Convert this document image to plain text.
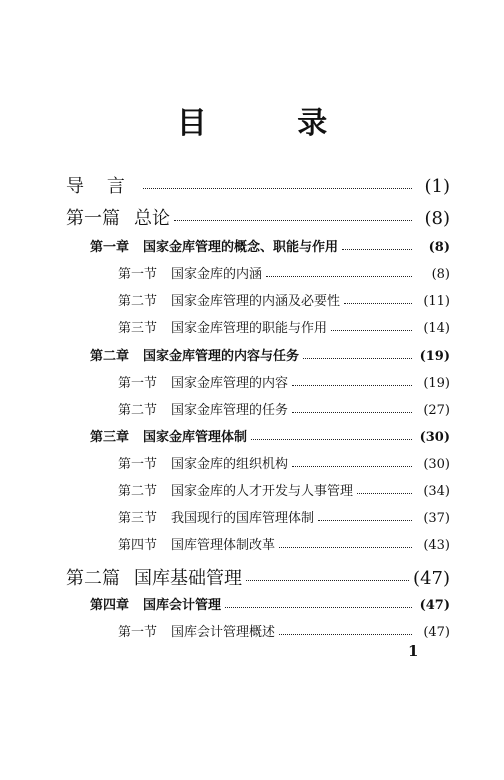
目 录
导    言	(1)
第一篇 总论	(8)
第一章 国家金库管理的概念、职能与作用	(8)
第一节 国家金库的内涵	(8)
第二节 国家金库管理的内涵及必要性	(11)
第三节 国家金库管理的职能与作用	(14)
第二章 国家金库管理的内容与任务	(19)
第一节 国家金库管理的内容	(19)
第二节 国家金库管理的任务	(27)
第三章 国家金库管理体制	(30)
第一节 国家金库的组织机构	(30)
第二节 国家金库的人才开发与人事管理	(34)
第三节 我国现行的国库管理体制	(37)
第四节 国库管理体制改革	(43)
第二篇 国库基础管理	(47)
第四章 国库会计管理	(47)
第一节 国库会计管理概述	(47)
1
